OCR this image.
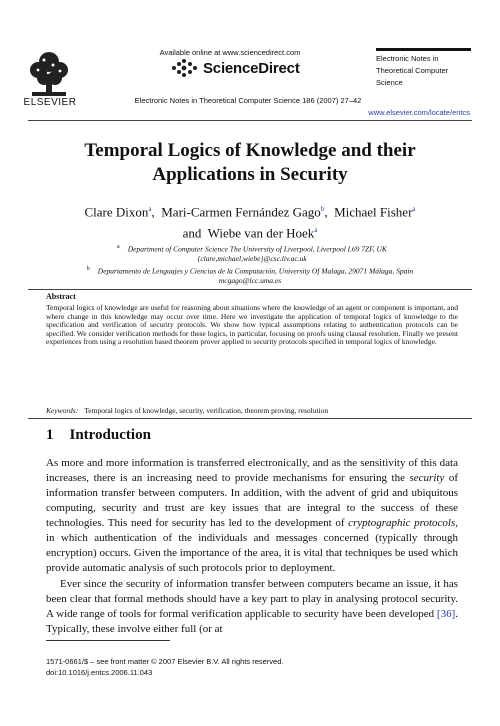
ELSEVIER
Available online at www.sciencedirect.com
ScienceDirect
Electronic Notes in
Theoretical Computer
Science
Electronic Notes in Theoretical Computer Science 186 (2007) 27–42
www.elsevier.com/locate/entcs
Temporal Logics of Knowledge and their
Applications in Security
Clare Dixon$^a$,  Mari-Carmen Fernández Gago$^b$,  Michael Fisher$^a$
and Wiebe van der Hoek$^a$
$^a$ Department of Computer Science The University of Liverpool, Liverpool L69 7ZF, UK
{clare,michael,wiebe}@csc.liv.ac.uk
$^b$ Departamento de Lenguajes y Ciencias de la Computación, University Of Malaga, 29071 Málaga, Spain
mcgago@lcc.uma.es
Abstract
Temporal logics of knowledge are useful for reasoning about situations where the knowledge of an agent or component is important, and where change in this knowledge may occur over time. Here we investigate the application of temporal logics of knowledge to the specification and verification of security protocols. We show how typical assumptions relating to authentication protocols can be specified. We consider verification methods for these logics, in particular, focusing on proofs using clausal resolution. Finally we present experiences from using a resolution based theorem prover applied to security protocols specified in temporal logics of knowledge.
Keywords: Temporal logics of knowledge, security, verification, theorem proving, resolution
1 Introduction
As more and more information is transferred electronically, and as the sensitivity of this data increases, there is an increasing need to provide mechanisms for ensuring the security of information transfer between computers. In addition, with the advent of grid and ubiquitous computing, security and trust are key issues that are integral to the success of these technologies. This need for security has led to the development of cryptographic protocols, in which authentication of the individuals and messages concerned (typically through encryption) occurs. Given the importance of the area, it is vital that techniques be used which provide automatic analysis of such protocols prior to deployment.
Ever since the security of information transfer between computers became an issue, it has been clear that formal methods should have a key part to play in analysing protocol security. A wide range of tools for formal verification applicable to security have been developed [36]. Typically, these involve either full (or at
1571-0661/$ – see front matter © 2007 Elsevier B.V. All rights reserved.
doi:10.1016/j.entcs.2006.11.043
